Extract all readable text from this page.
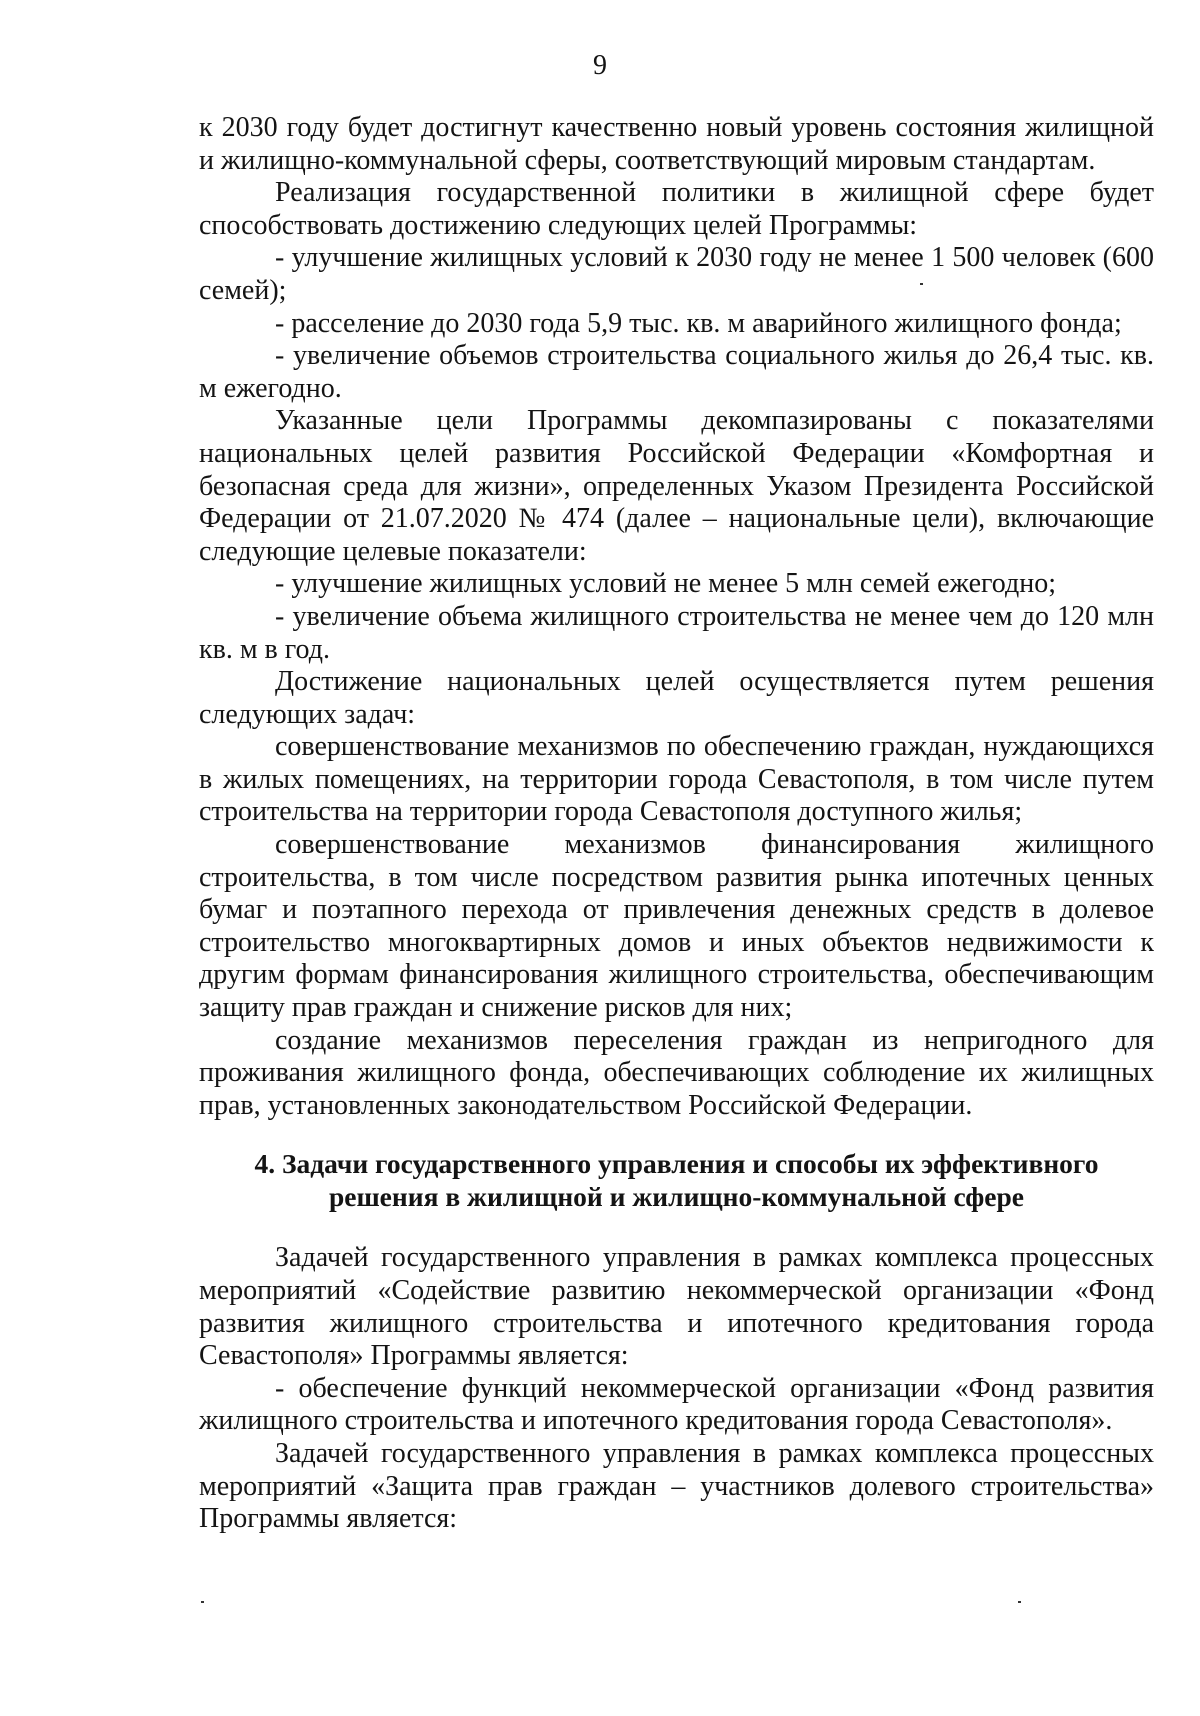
9

к 2030 году будет достигнут качественно новый уровень состояния жилищной и жилищно-коммунальной сферы, соответствующий мировым стандартам.

Реализация государственной политики в жилищной сфере будет способствовать достижению следующих целей Программы:

- улучшение жилищных условий к 2030 году не менее 1 500 человек (600 семей);

- расселение до 2030 года 5,9 тыс. кв. м аварийного жилищного фонда;

- увеличение объемов строительства социального жилья до 26,4 тыс. кв. м ежегодно.

Указанные цели Программы декомпазированы с показателями национальных целей развития Российской Федерации «Комфортная и безопасная среда для жизни», определенных Указом Президента Российской Федерации от 21.07.2020 № 474 (далее – национальные цели), включающие следующие целевые показатели:

- улучшение жилищных условий не менее 5 млн семей ежегодно;

- увеличение объема жилищного строительства не менее чем до 120 млн кв. м в год.

Достижение национальных целей осуществляется путем решения следующих задач:

совершенствование механизмов по обеспечению граждан, нуждающихся в жилых помещениях, на территории города Севастополя, в том числе путем строительства на территории города Севастополя доступного жилья;

совершенствование механизмов финансирования жилищного строительства, в том числе посредством развития рынка ипотечных ценных бумаг и поэтапного перехода от привлечения денежных средств в долевое строительство многоквартирных домов и иных объектов недвижимости к другим формам финансирования жилищного строительства, обеспечивающим защиту прав граждан и снижение рисков для них;

создание механизмов переселения граждан из непригодного для проживания жилищного фонда, обеспечивающих соблюдение их жилищных прав, установленных законодательством Российской Федерации.

4. Задачи государственного управления и способы их эффективного
решения в жилищной и жилищно-коммунальной сфере

Задачей государственного управления в рамках комплекса процессных мероприятий «Содействие развитию некоммерческой организации «Фонд развития жилищного строительства и ипотечного кредитования города Севастополя» Программы является:

- обеспечение функций некоммерческой организации «Фонд развития жилищного строительства и ипотечного кредитования города Севастополя».

Задачей государственного управления в рамках комплекса процессных мероприятий «Защита прав граждан – участников долевого строительства» Программы является:
